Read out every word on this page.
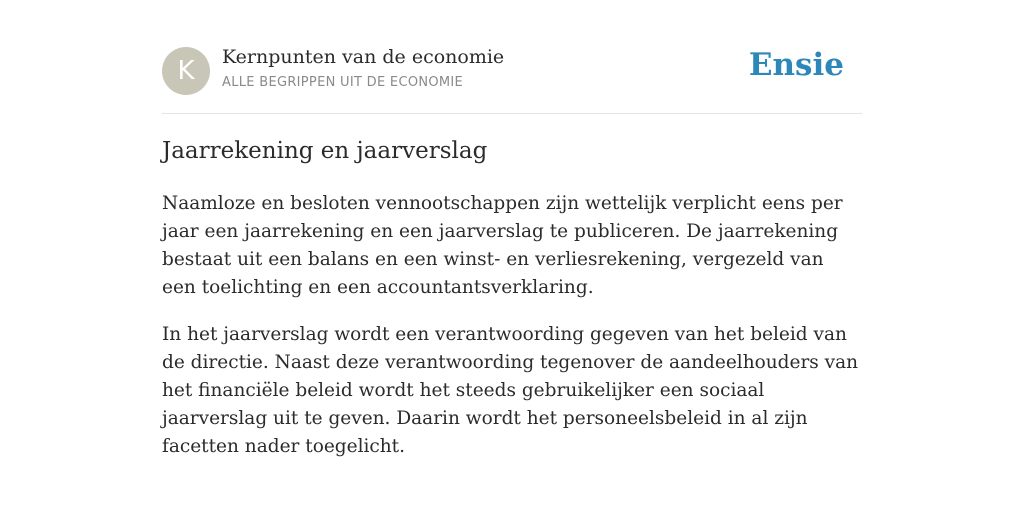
K	Kernpunten van de economie
ALLE BEGRIPPEN UIT DE ECONOMIE	Ensie
Jaarrekening en jaarverslag

Naamloze en besloten vennootschappen zijn wettelijk verplicht eens per jaar een jaarrekening en een jaarverslag te publiceren. De jaarrekening bestaat uit een balans en een winst- en verliesrekening, vergezeld van een toelichting en een accountantsverklaring.

In het jaarverslag wordt een verantwoording gegeven van het beleid van de directie. Naast deze verantwoording tegenover de aandeelhouders van het financiële beleid wordt het steeds gebruikelijker een sociaal jaarverslag uit te geven. Daarin wordt het personeelsbeleid in al zijn facetten nader toegelicht.
